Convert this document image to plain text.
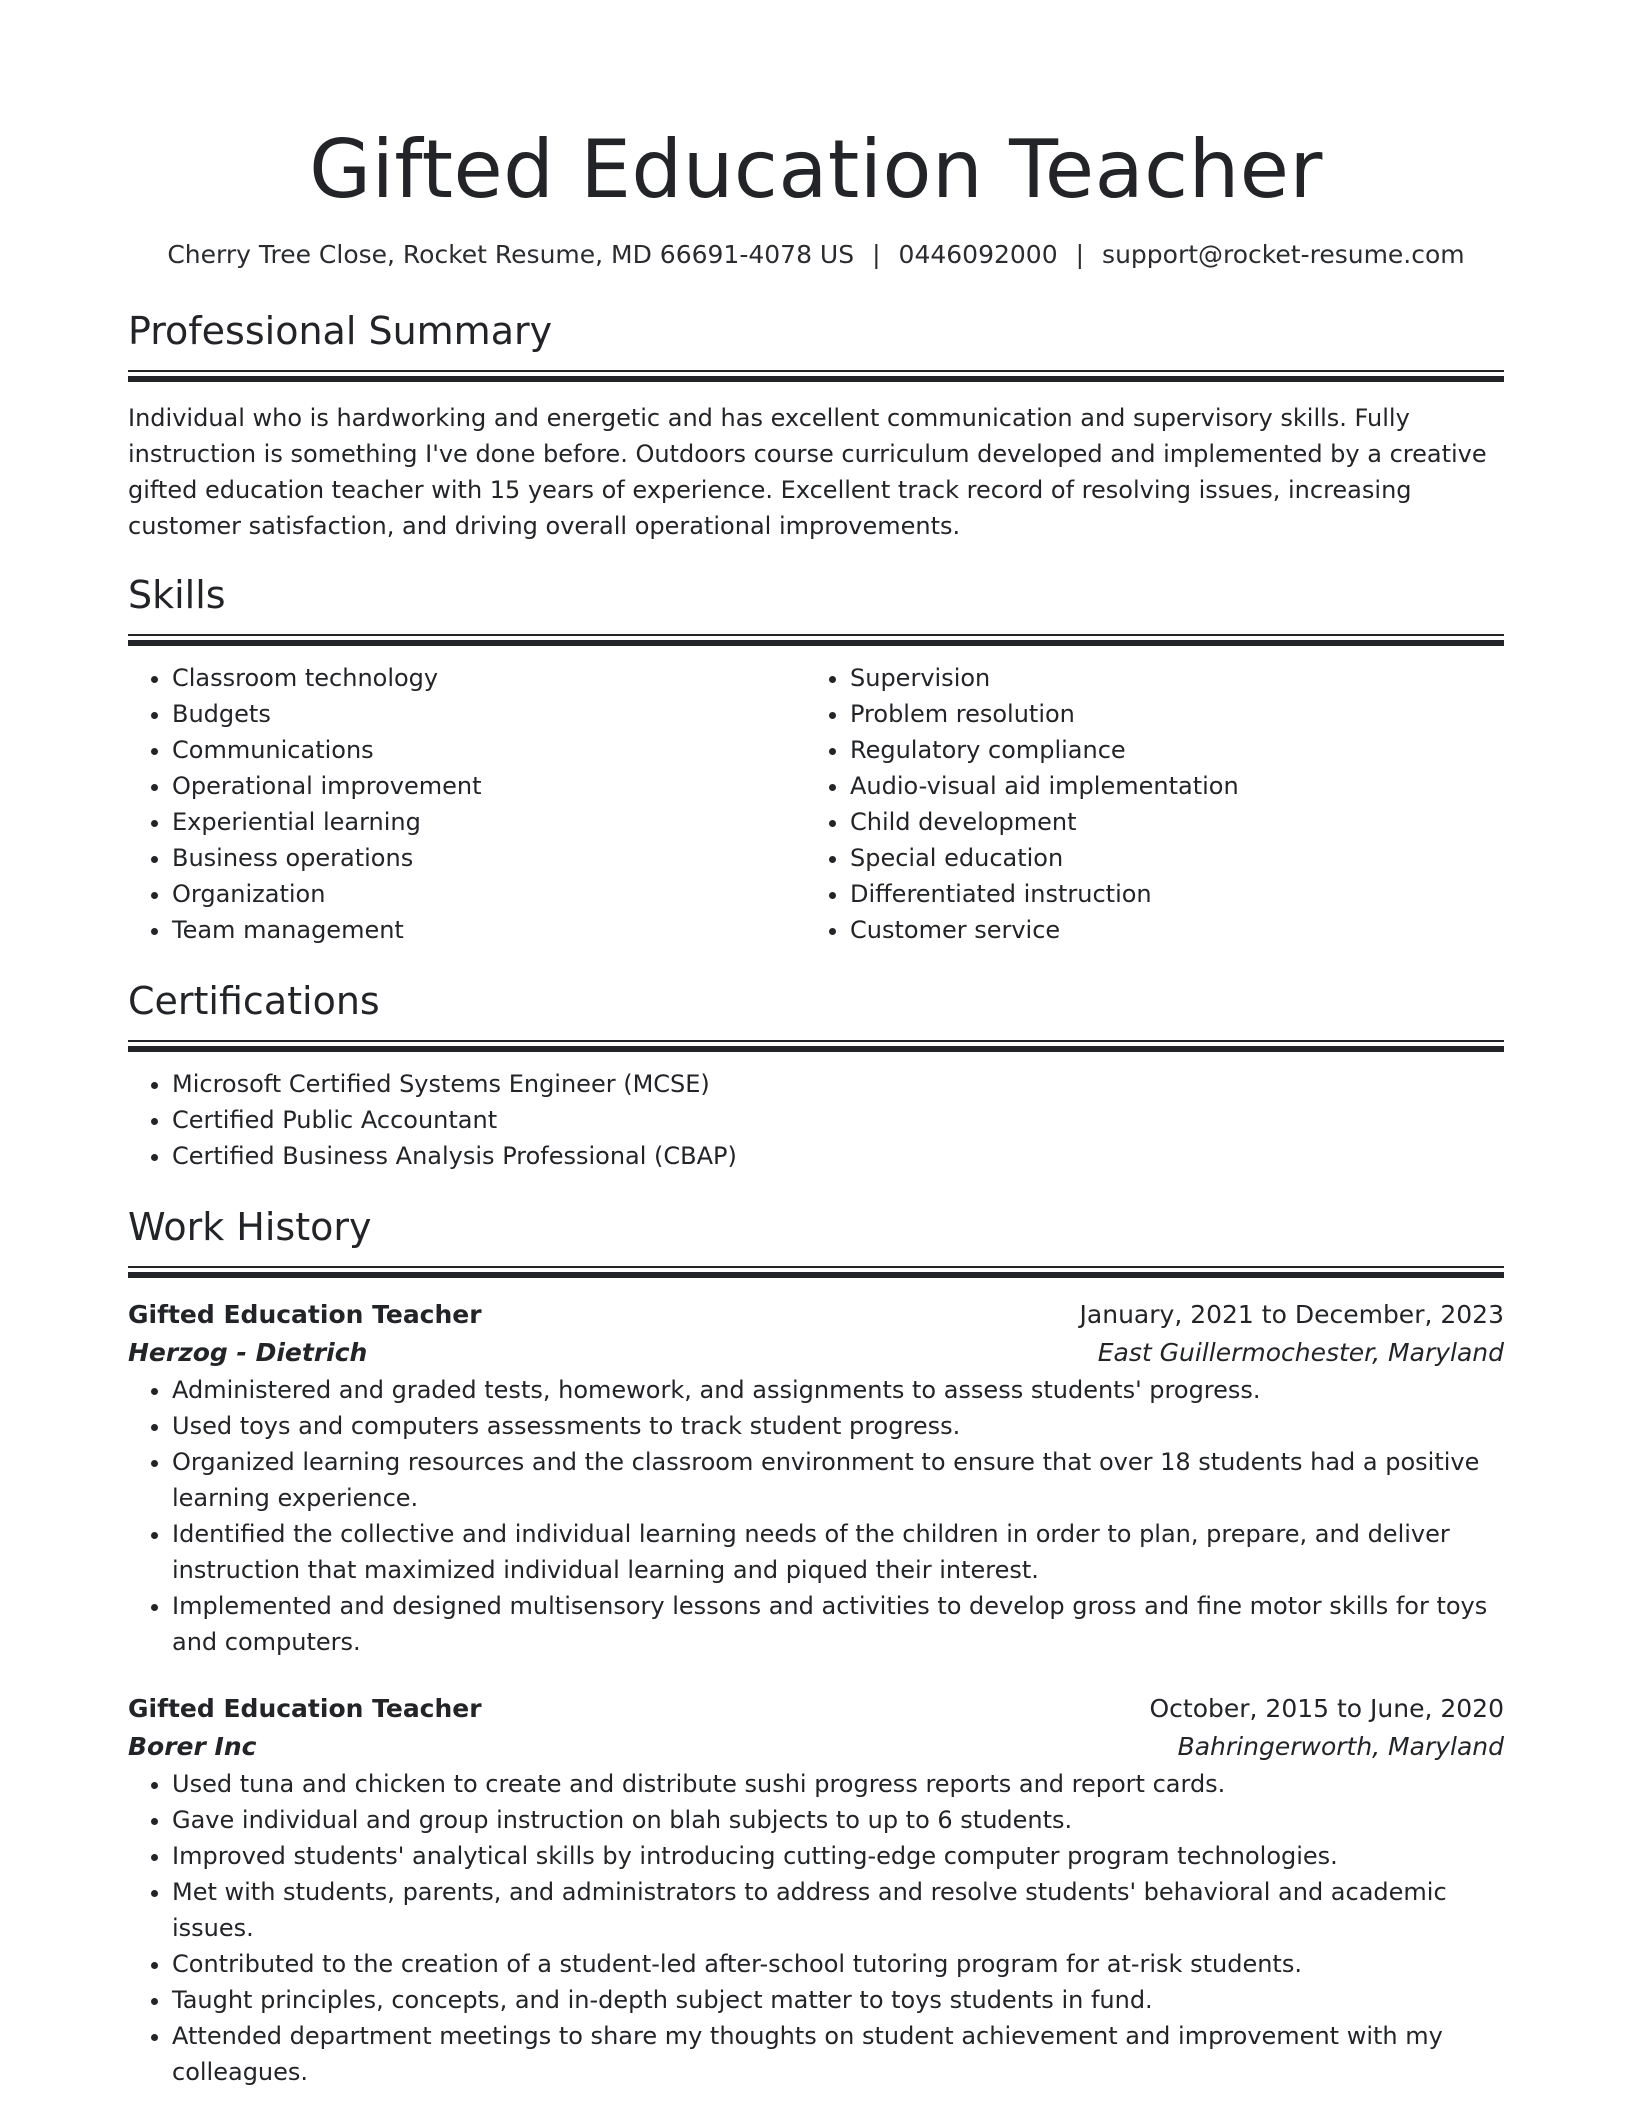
Gifted Education Teacher
Cherry Tree Close, Rocket Resume, MD 66691-4078 US | 0446092000 | support@rocket-resume.com
Professional Summary

Individual who is hardworking and energetic and has excellent communication and supervisory skills. Fully instruction is something I've done before. Outdoors course curriculum developed and implemented by a creative gifted education teacher with 15 years of experience. Excellent track record of resolving issues, increasing customer satisfaction, and driving overall operational improvements.

Skills
• Classroom technology
• Budgets
• Communications
• Operational improvement
• Experiential learning
• Business operations
• Organization
• Team management
• Supervision
• Problem resolution
• Regulatory compliance
• Audio-visual aid implementation
• Child development
• Special education
• Differentiated instruction
• Customer service
Certifications
• Microsoft Certified Systems Engineer (MCSE)
• Certified Public Accountant
• Certified Business Analysis Professional (CBAP)
Work History
Gifted Education Teacher	January, 2021 to December, 2023
Herzog - Dietrich	East Guillermochester, Maryland
• Administered and graded tests, homework, and assignments to assess students' progress.
• Used toys and computers assessments to track student progress.
• Organized learning resources and the classroom environment to ensure that over 18 students had a positive learning experience.
• Identified the collective and individual learning needs of the children in order to plan, prepare, and deliver instruction that maximized individual learning and piqued their interest.
• Implemented and designed multisensory lessons and activities to develop gross and fine motor skills for toys and computers.
Gifted Education Teacher	October, 2015 to June, 2020
Borer Inc	Bahringerworth, Maryland
• Used tuna and chicken to create and distribute sushi progress reports and report cards.
• Gave individual and group instruction on blah subjects to up to 6 students.
• Improved students' analytical skills by introducing cutting-edge computer program technologies.
• Met with students, parents, and administrators to address and resolve students' behavioral and academic issues.
• Contributed to the creation of a student-led after-school tutoring program for at-risk students.
• Taught principles, concepts, and in-depth subject matter to toys students in fund.
• Attended department meetings to share my thoughts on student achievement and improvement with my colleagues.
